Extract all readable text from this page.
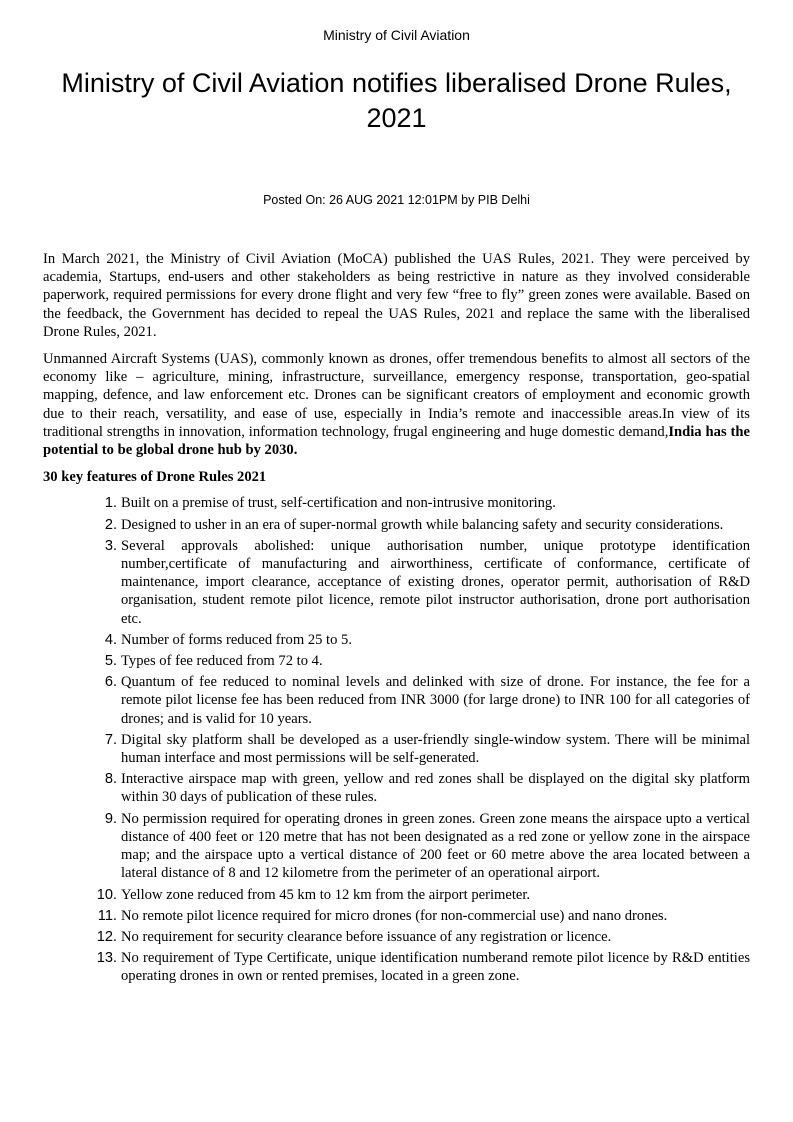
Ministry of Civil Aviation
Ministry of Civil Aviation notifies liberalised Drone Rules, 2021
Posted On: 26 AUG 2021 12:01PM by PIB Delhi

In March 2021, the Ministry of Civil Aviation (MoCA) published the UAS Rules, 2021. They were perceived by academia, Startups, end-users and other stakeholders as being restrictive in nature as they involved considerable paperwork, required permissions for every drone flight and very few “free to fly” green zones were available. Based on the feedback, the Government has decided to repeal the UAS Rules, 2021 and replace the same with the liberalised Drone Rules, 2021.

Unmanned Aircraft Systems (UAS), commonly known as drones, offer tremendous benefits to almost all sectors of the economy like – agriculture, mining, infrastructure, surveillance, emergency response, transportation, geo-spatial mapping, defence, and law enforcement etc. Drones can be significant creators of employment and economic growth due to their reach, versatility, and ease of use, especially in India’s remote and inaccessible areas.In view of its traditional strengths in innovation, information technology, frugal engineering and huge domestic demand,India has the potential to be global drone hub by 2030.

30 key features of Drone Rules 2021
1. Built on a premise of trust, self-certification and non-intrusive monitoring.
2. Designed to usher in an era of super-normal growth while balancing safety and security considerations.
3. Several approvals abolished: unique authorisation number, unique prototype identification number,certificate of manufacturing and airworthiness, certificate of conformance, certificate of maintenance, import clearance, acceptance of existing drones, operator permit, authorisation of R&D organisation, student remote pilot licence, remote pilot instructor authorisation, drone port authorisation etc.
4. Number of forms reduced from 25 to 5.
5. Types of fee reduced from 72 to 4.
6. Quantum of fee reduced to nominal levels and delinked with size of drone. For instance, the fee for a remote pilot license fee has been reduced from INR 3000 (for large drone) to INR 100 for all categories of drones; and is valid for 10 years.
7. Digital sky platform shall be developed as a user-friendly single-window system. There will be minimal human interface and most permissions will be self-generated.
8. Interactive airspace map with green, yellow and red zones shall be displayed on the digital sky platform within 30 days of publication of these rules.
9. No permission required for operating drones in green zones. Green zone means the airspace upto a vertical distance of 400 feet or 120 metre that has not been designated as a red zone or yellow zone in the airspace map; and the airspace upto a vertical distance of 200 feet or 60 metre above the area located between a lateral distance of 8 and 12 kilometre from the perimeter of an operational airport.
10. Yellow zone reduced from 45 km to 12 km from the airport perimeter.
11. No remote pilot licence required for micro drones (for non-commercial use) and nano drones.
12. No requirement for security clearance before issuance of any registration or licence.
13. No requirement of Type Certificate, unique identification numberand remote pilot licence by R&D entities operating drones in own or rented premises, located in a green zone.
